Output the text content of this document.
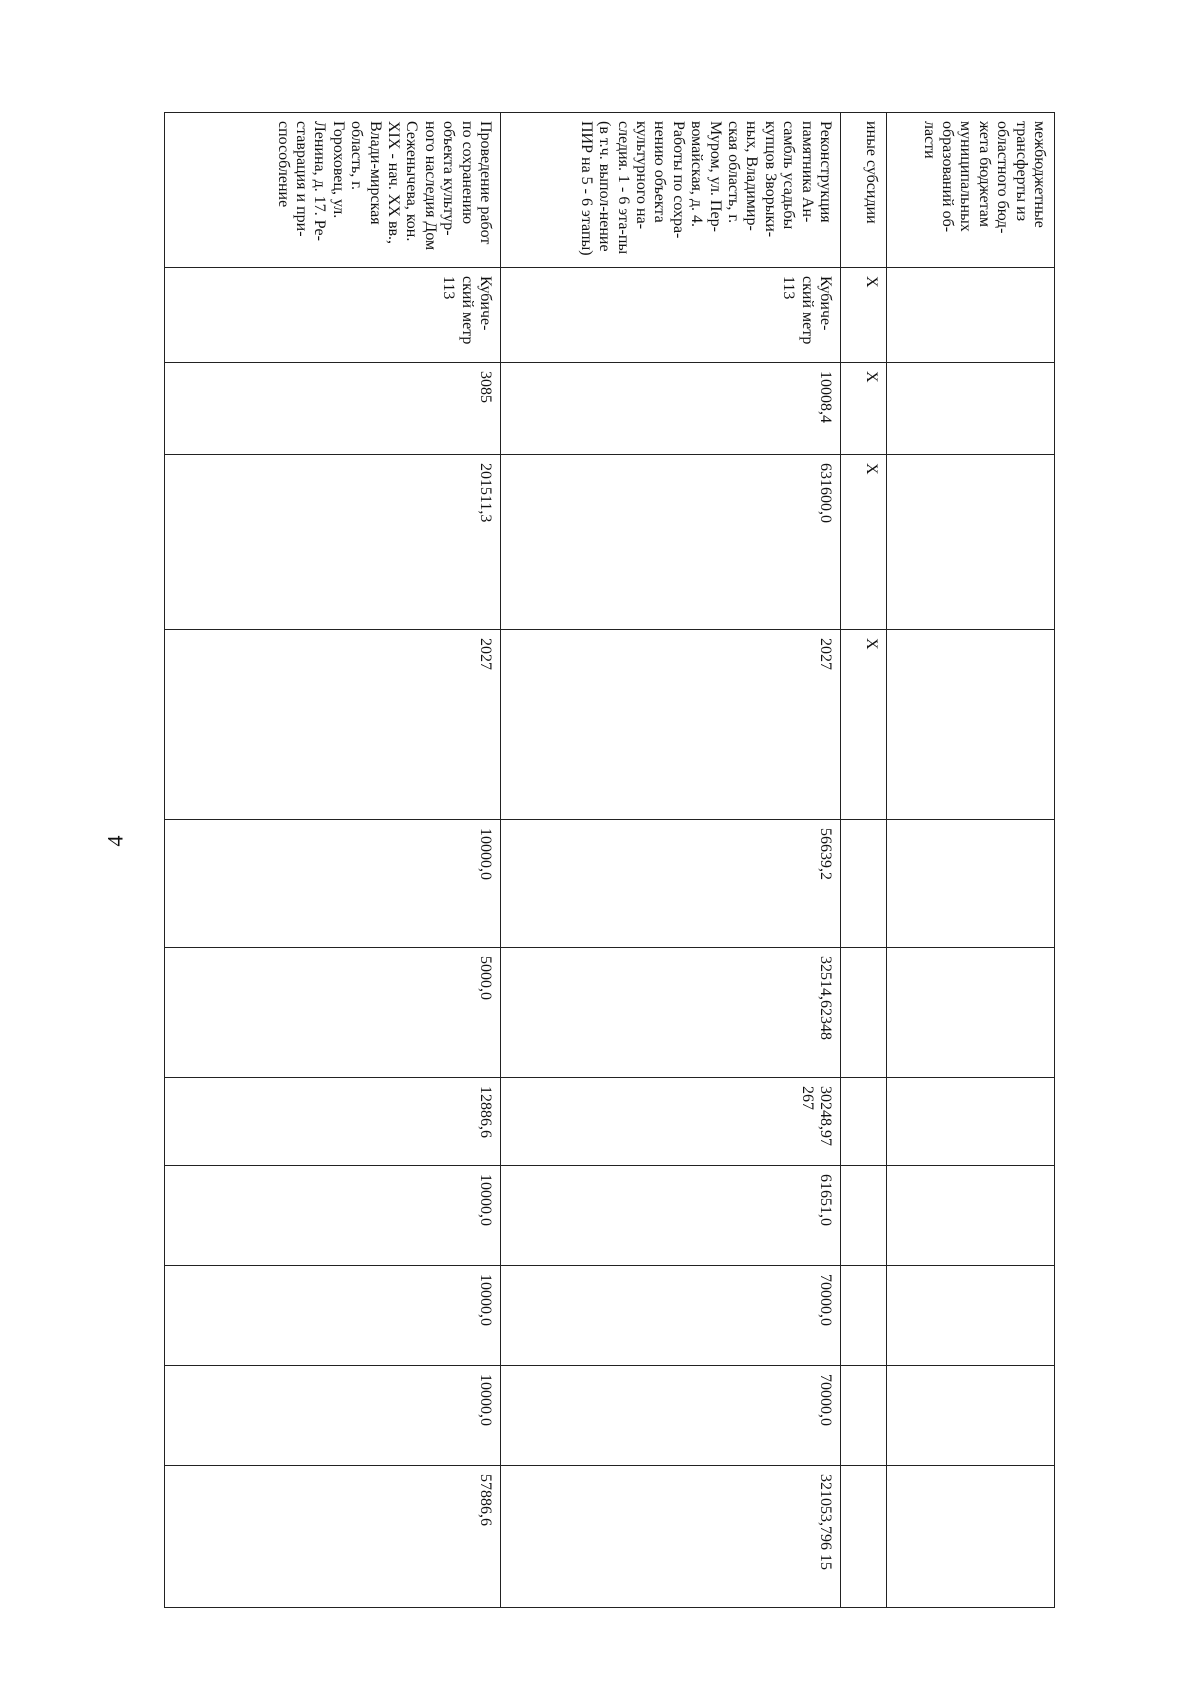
4
межбюджетные трансферты из областного бюд-жета бюджетам муниципальных образований об-ласти											
иные субсидии	X	X	X	X							
Реконструкция памятника Ан-самбль усадьбы купцов Зворыки-ных, Владимир-ская область, г. Муром, ул. Пер-вомайская, д. 4. Работы по сохра-нению объекта культурного на-следия. 1 - 6 эта-пы (в т.ч. выпол-нение ПИР на 5 - 6 этапы)	Кубиче-ский метр 113	10008,4	631600,0	2027	56639,2	32514,62348	30248,97 267	61651,0	70000,0	70000,0	321053,796 15
Проведение работ по сохранению объекта культур-ного наследия Дом Сеженычева, кон. XIX - нач. XX вв., Влади-мирская область, г. Гороховец, ул. Ленина, д. 17. Ре-ставрация и при-способление	Кубиче-ский метр 113	3085	201511,3	2027	10000,0	5000,0	12886,6	10000,0	10000,0	10000,0	57886,6
